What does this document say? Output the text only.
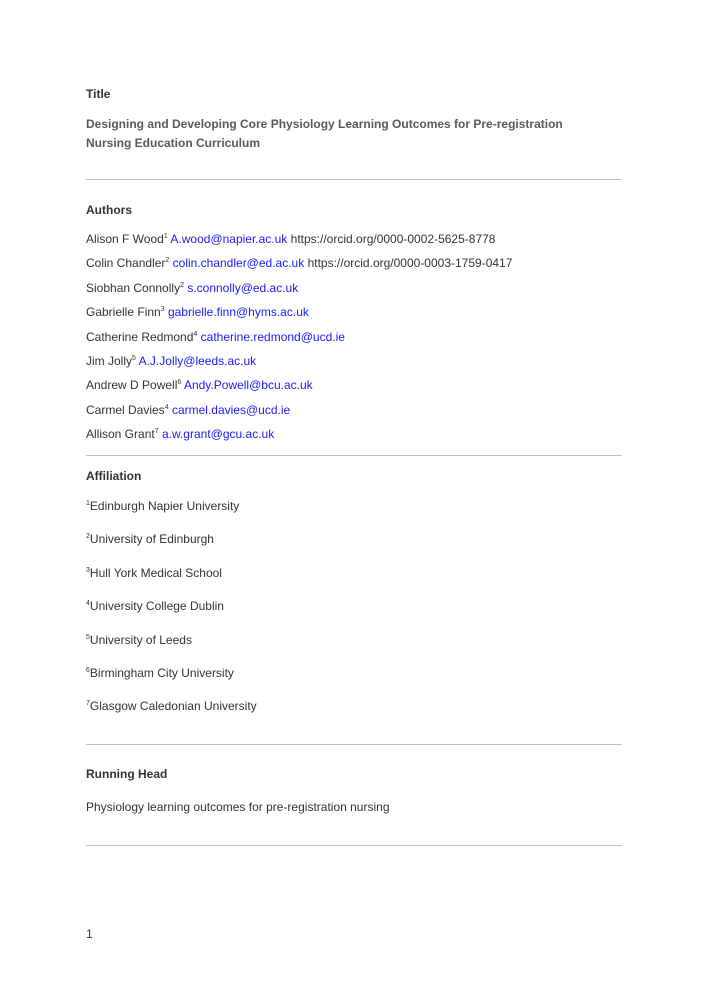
Title
Designing and Developing Core Physiology Learning Outcomes for Pre-registration Nursing Education Curriculum
Authors
Alison F Wood$^1$ A.wood@napier.ac.uk https://orcid.org/0000-0002-5625-8778
Colin Chandler$^2$ colin.chandler@ed.ac.uk https://orcid.org/0000-0003-1759-0417
Siobhan Connolly$^2$ s.connolly@ed.ac.uk
Gabrielle Finn$^3$ gabrielle.finn@hyms.ac.uk
Catherine Redmond$^4$ catherine.redmond@ucd.ie
Jim Jolly$^5$ A.J.Jolly@leeds.ac.uk
Andrew D Powell$^6$ Andy.Powell@bcu.ac.uk
Carmel Davies$^4$ carmel.davies@ucd.ie
Allison Grant$^7$ a.w.grant@gcu.ac.uk
Affiliation
$^1$Edinburgh Napier University
$^2$University of Edinburgh
$^3$Hull York Medical School
$^4$University College Dublin
$^5$University of Leeds
$^6$Birmingham City University
$^7$Glasgow Caledonian University
Running Head
Physiology learning outcomes for pre-registration nursing
1
